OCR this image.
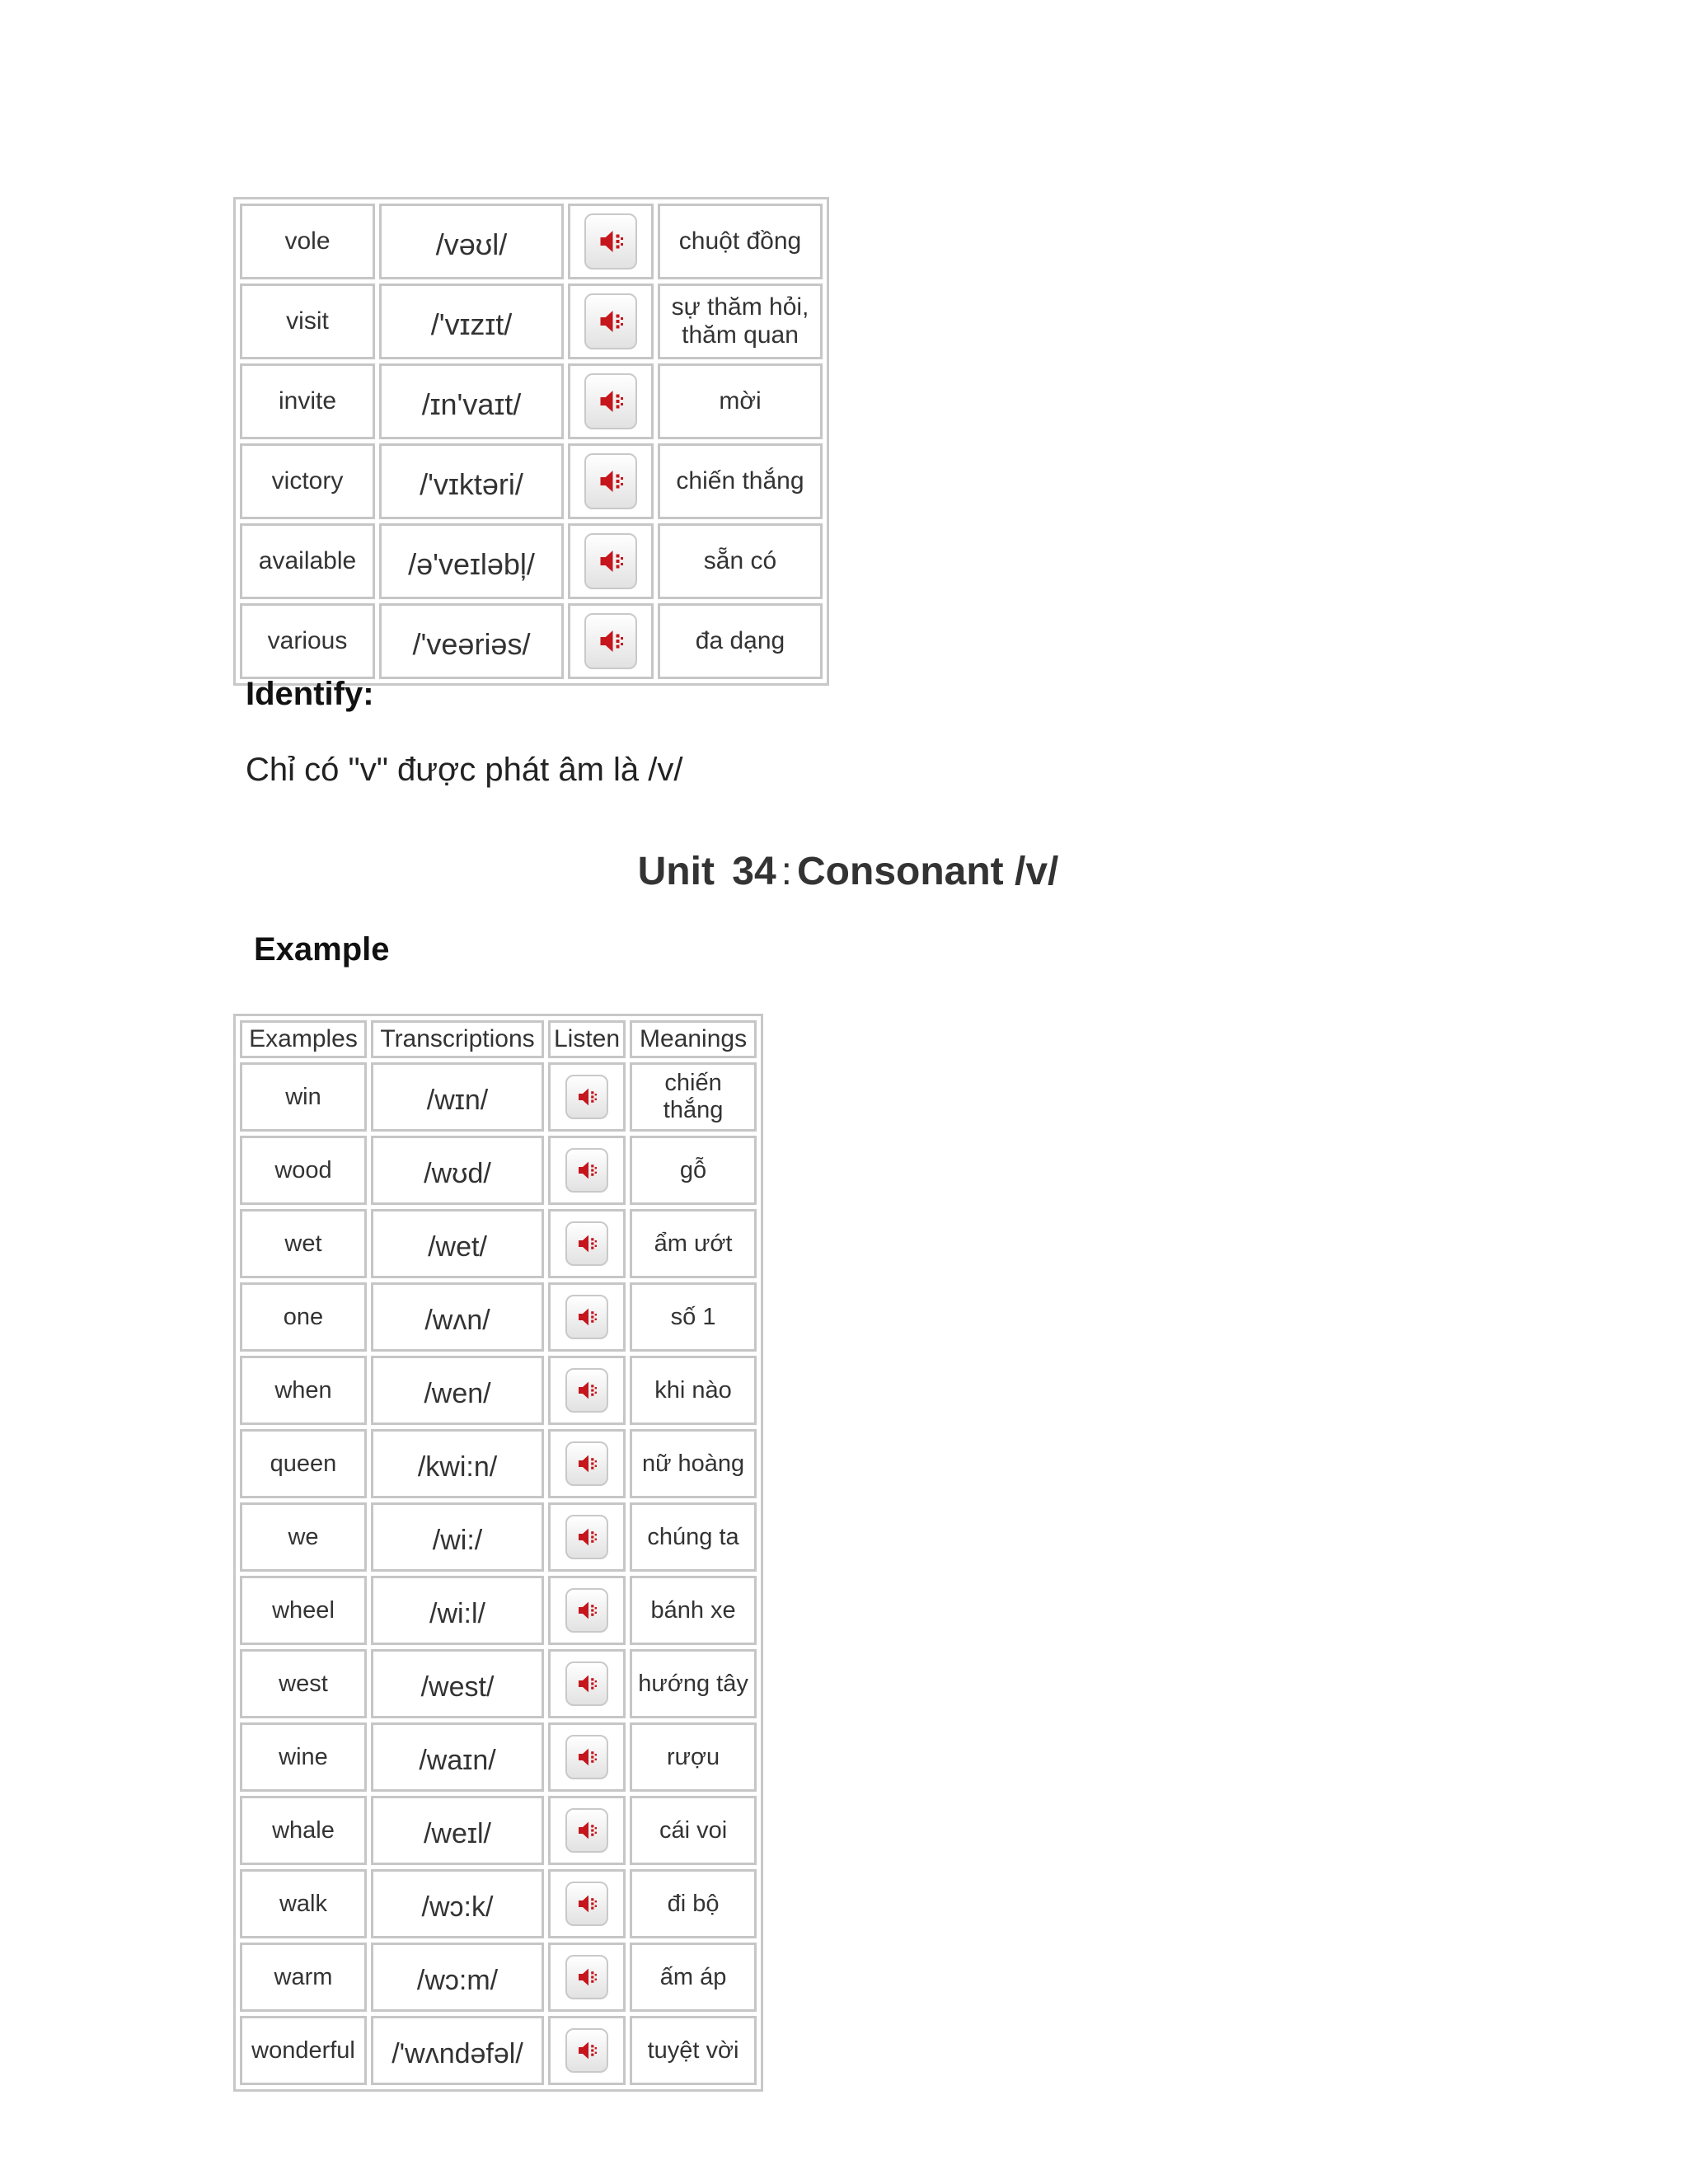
vole	/vəʊl/		chuột đồng
visit	/'vɪzɪt/		sự thăm hỏi, thăm quan
invite	/ɪn'vaɪt/		mời
victory	/'vɪktəri/		chiến thắng
available	/ə'veɪləbļ/		sẵn có
various	/'veəriəs/		đa dạng
Identify:

Chỉ có "v" được phát âm là /v/

Unit 34 : Consonant /v/
Example
Examples	Transcriptions	Listen	Meanings
win	/wɪn/		chiến thắng
wood	/wʊd/		gỗ
wet	/wet/		ẩm ướt
one	/wʌn/		số 1
when	/wen/		khi nào
queen	/kwi:n/		nữ hoàng
we	/wi:/		chúng ta
wheel	/wi:l/		bánh xe
west	/west/		hướng tây
wine	/waɪn/		rượu
whale	/weɪl/		cái voi
walk	/wɔ:k/		đi bộ
warm	/wɔ:m/		ấm áp
wonderful	/'wʌndəfəl/		tuyệt vời
